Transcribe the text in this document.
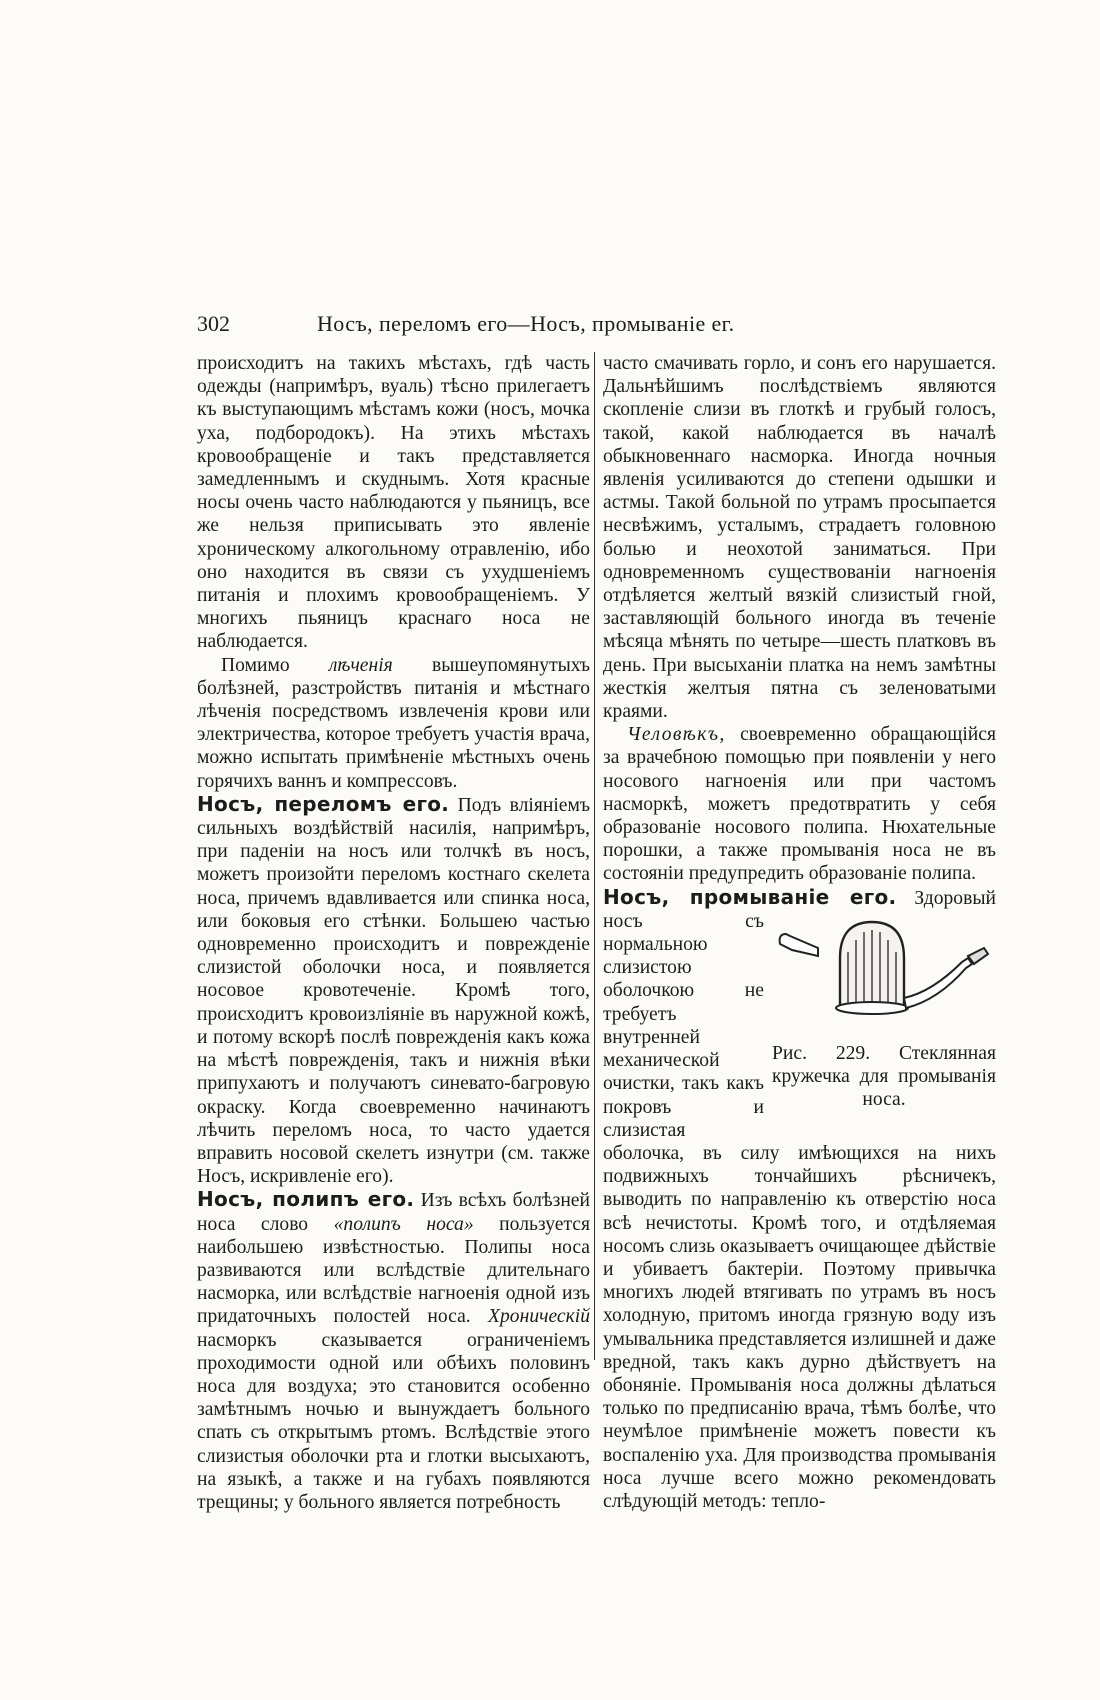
302	Носъ, переломъ его—Носъ, промыванiе ег.

происходитъ на такихъ мѣстахъ, гдѣ часть одежды (напримѣръ, вуаль) тѣсно прилегаетъ къ выступающимъ мѣстамъ кожи (носъ, мочка уха, подбородокъ). На этихъ мѣстахъ кровообращенiе и такъ представляется замедленнымъ и скуднымъ. Хотя красные носы очень часто наблюдаются у пьяницъ, все же нельзя приписывать это явленiе хроническому алкогольному отравленiю, ибо оно находится въ связи съ ухудшенiемъ питанiя и плохимъ кровообращенiемъ. У многихъ пьяницъ краснаго носа не наблюдается.

Помимо лѣченiя вышеупомянутыхъ болѣзней, разстройствъ питанiя и мѣстнаго лѣченiя посредствомъ извлеченiя крови или электричества, которое требуетъ участiя врача, можно испытать примѣненiе мѣстныхъ очень горячихъ ваннъ и компрессовъ.

Носъ, переломъ его. Подъ влiянiемъ сильныхъ воздѣйствiй насилiя, напримѣръ, при паденiи на носъ или толчкѣ въ носъ, можетъ произойти переломъ костнаго скелета носа, причемъ вдавливается или спинка носа, или боковыя его стѣнки. Большею частью одновременно происходитъ и поврежденiе слизистой оболочки носа, и появляется носовое кровотеченiе. Кромѣ того, происходитъ кровоизлiянiе въ наружной кожѣ, и потому вскорѣ послѣ поврежденiя какъ кожа на мѣстѣ поврежденiя, такъ и нижнiя вѣки припухаютъ и получаютъ синевато-багровую окраску. Когда своевременно начинаютъ лѣчить переломъ носа, то часто удается вправить носовой скелетъ изнутри (см. также Носъ, искривленiе его).

Носъ, полипъ его. Изъ всѣхъ болѣзней носа слово «полипъ носа» пользуется наибольшею извѣстностью. Полипы носа развиваются или вслѣдствiе длительнаго насморка, или вслѣдствiе нагноенiя одной изъ придаточныхъ полостей носа. Хроническiй насморкъ сказывается ограниченiемъ проходимости одной или обѣихъ половинъ носа для воздуха; это становится особенно замѣтнымъ ночью и вынуждаетъ больного спать съ открытымъ ртомъ. Вслѣдствiе этого слизистыя оболочки рта и глотки высыхаютъ, на языкѣ, а также и на губахъ появляются трещины; у больного является потребность

часто смачивать горло, и сонъ его нарушается. Дальнѣйшимъ послѣдствiемъ являются скопленiе слизи въ глоткѣ и грубый голосъ, такой, какой наблюдается въ началѣ обыкновеннаго насморка. Иногда ночныя явленiя усиливаются до степени одышки и астмы. Такой больной по утрамъ просыпается несвѣжимъ, усталымъ, страдаетъ головною болью и неохотой заниматься. При одновременномъ существованiи нагноенiя отдѣляется желтый вязкiй слизистый гной, заставляющiй больного иногда въ теченiе мѣсяца мѣнять по четыре—шесть платковъ въ день. При высыханiи платка на немъ замѣтны жесткiя желтыя пятна съ зеленоватыми краями.

Человѣкъ, своевременно обращающiйся за врачебною помощью при появленiи у него носового нагноенiя или при частомъ насморкѣ, можетъ предотвратить у себя образованiе носового полипа. Нюхательные порошки, а также промыванiя носа не въ состоянiи предупредить образованiе полипа.

Носъ, промыванiе его.
Рис. 229. Стеклянная кружечка для промыванiя носа.
Здоровый носъ съ нормальною слизистою оболочкою не требуетъ внутренней механической очистки, такъ какъ покровъ и слизистая оболочка, въ силу имѣющихся на нихъ подвижныхъ тончайшихъ рѣсничекъ, выводить по направленiю къ отверстiю носа всѣ нечистоты. Кромѣ того, и отдѣляемая носомъ слизь оказываетъ очищающее дѣйствiе и убиваетъ бактерiи. Поэтому привычка многихъ людей втягивать по утрамъ въ носъ холодную, притомъ иногда грязную воду изъ умывальника представляется излишней и даже вредной, такъ какъ дурно дѣйствуетъ на обонянiе. Промыванiя носа должны дѣлаться только по предписанiю врача, тѣмъ болѣе, что неумѣлое примѣненiе можетъ повести къ воспаленiю уха. Для производства промыванiя носа лучше всего можно рекомендовать слѣдующiй методъ: тепло-
